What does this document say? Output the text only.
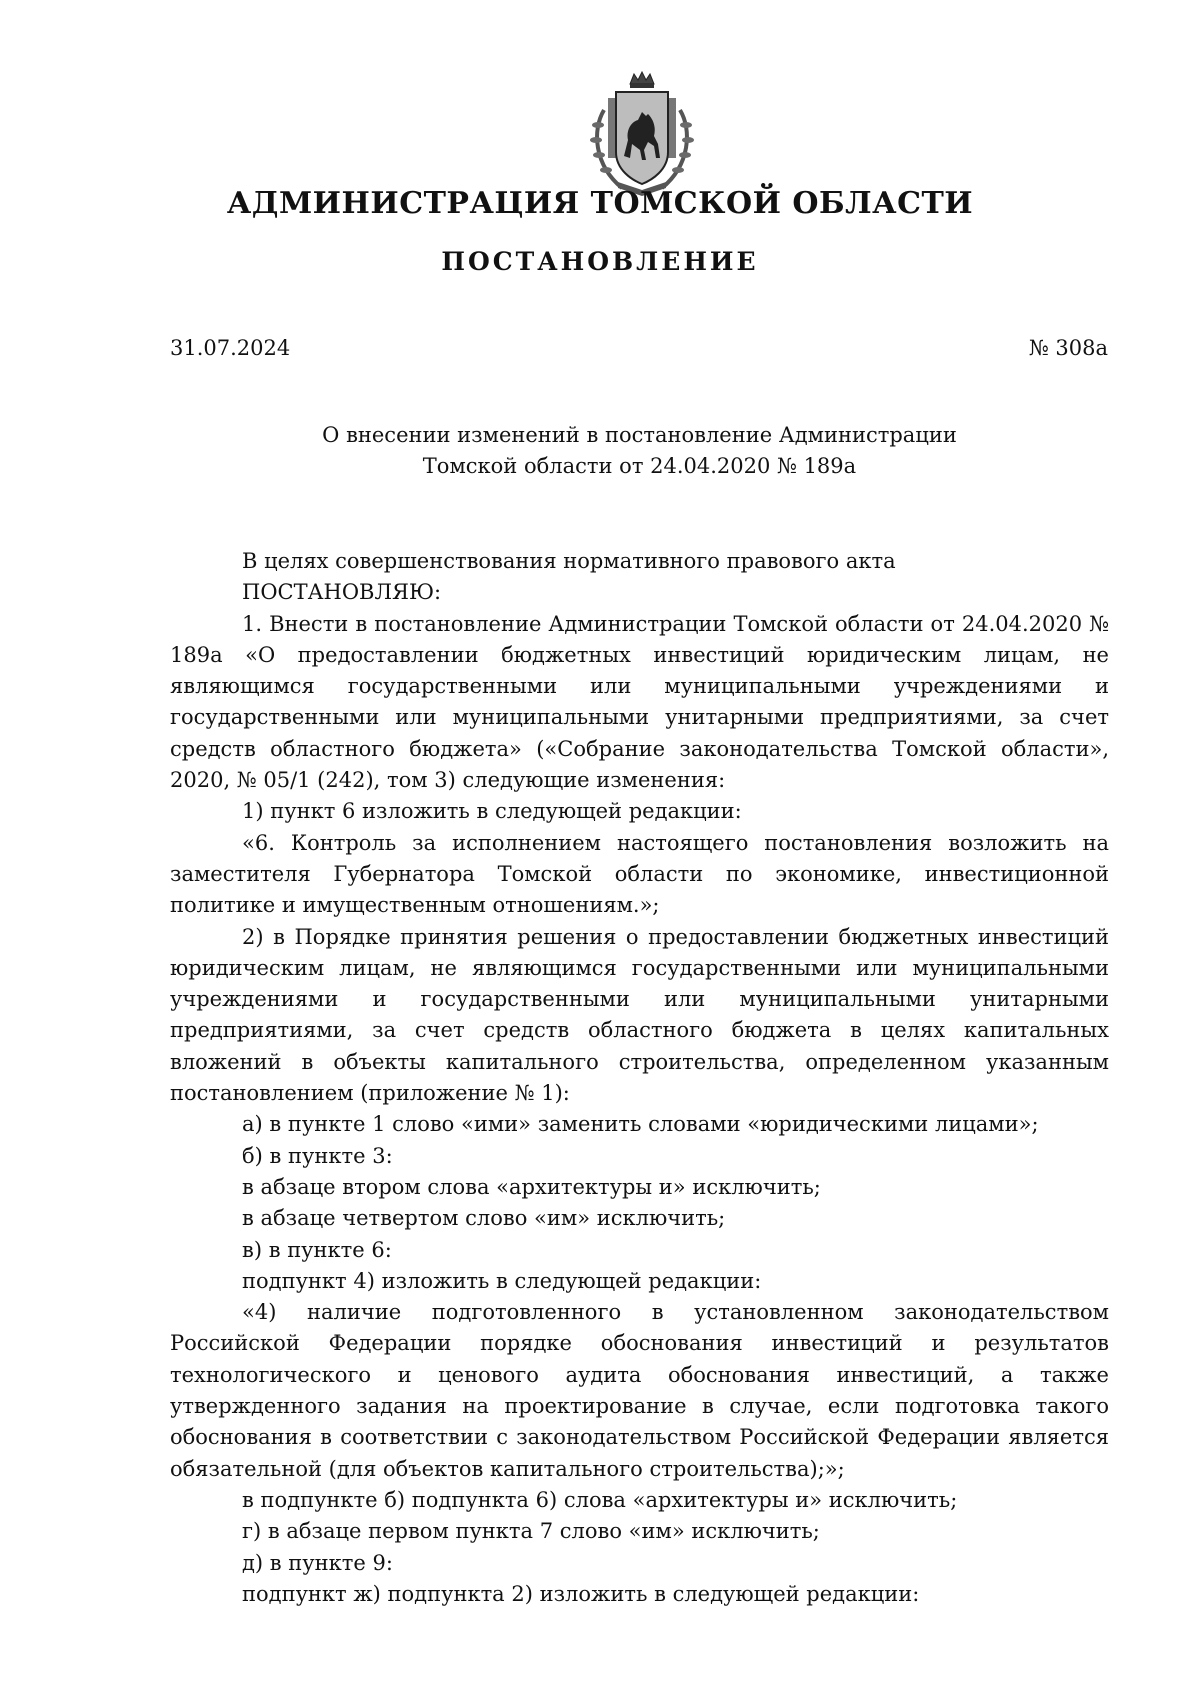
АДМИНИСТРАЦИЯ ТОМСКОЙ ОБЛАСТИ
ПОСТАНОВЛЕНИЕ
31.07.2024	№ 308а
О внесении изменений в постановление Администрации
Томской области от 24.04.2020 № 189а

В целях совершенствования нормативного правового акта

ПОСТАНОВЛЯЮ:

1. Внести в постановление Администрации Томской области от 24.04.2020 № 189а «О предоставлении бюджетных инвестиций юридическим лицам, не являющимся государственными или муниципальными учреждениями и государственными или муниципальными унитарными предприятиями, за счет средств областного бюджета» («Собрание законодательства Томской области», 2020, № 05/1 (242), том 3) следующие изменения:

1) пункт 6 изложить в следующей редакции:

«6. Контроль за исполнением настоящего постановления возложить на заместителя Губернатора Томской области по экономике, инвестиционной политике и имущественным отношениям.»;

2) в Порядке принятия решения о предоставлении бюджетных инвестиций юридическим лицам, не являющимся государственными или муниципальными учреждениями и государственными или муниципальными унитарными предприятиями, за счет средств областного бюджета в целях капитальных вложений в объекты капитального строительства, определенном указанным постановлением (приложение № 1):

а) в пункте 1 слово «ими» заменить словами «юридическими лицами»;

б) в пункте 3:

в абзаце втором слова «архитектуры и» исключить;

в абзаце четвертом слово «им» исключить;

в) в пункте 6:

подпункт 4) изложить в следующей редакции:

«4) наличие подготовленного в установленном законодательством Российской Федерации порядке обоснования инвестиций и результатов технологического и ценового аудита обоснования инвестиций, а также утвержденного задания на проектирование в случае, если подготовка такого обоснования в соответствии с законодательством Российской Федерации является обязательной (для объектов капитального строительства);»;

в подпункте б) подпункта 6) слова «архитектуры и» исключить;

г) в абзаце первом пункта 7 слово «им» исключить;

д) в пункте 9:

подпункт ж) подпункта 2) изложить в следующей редакции:
